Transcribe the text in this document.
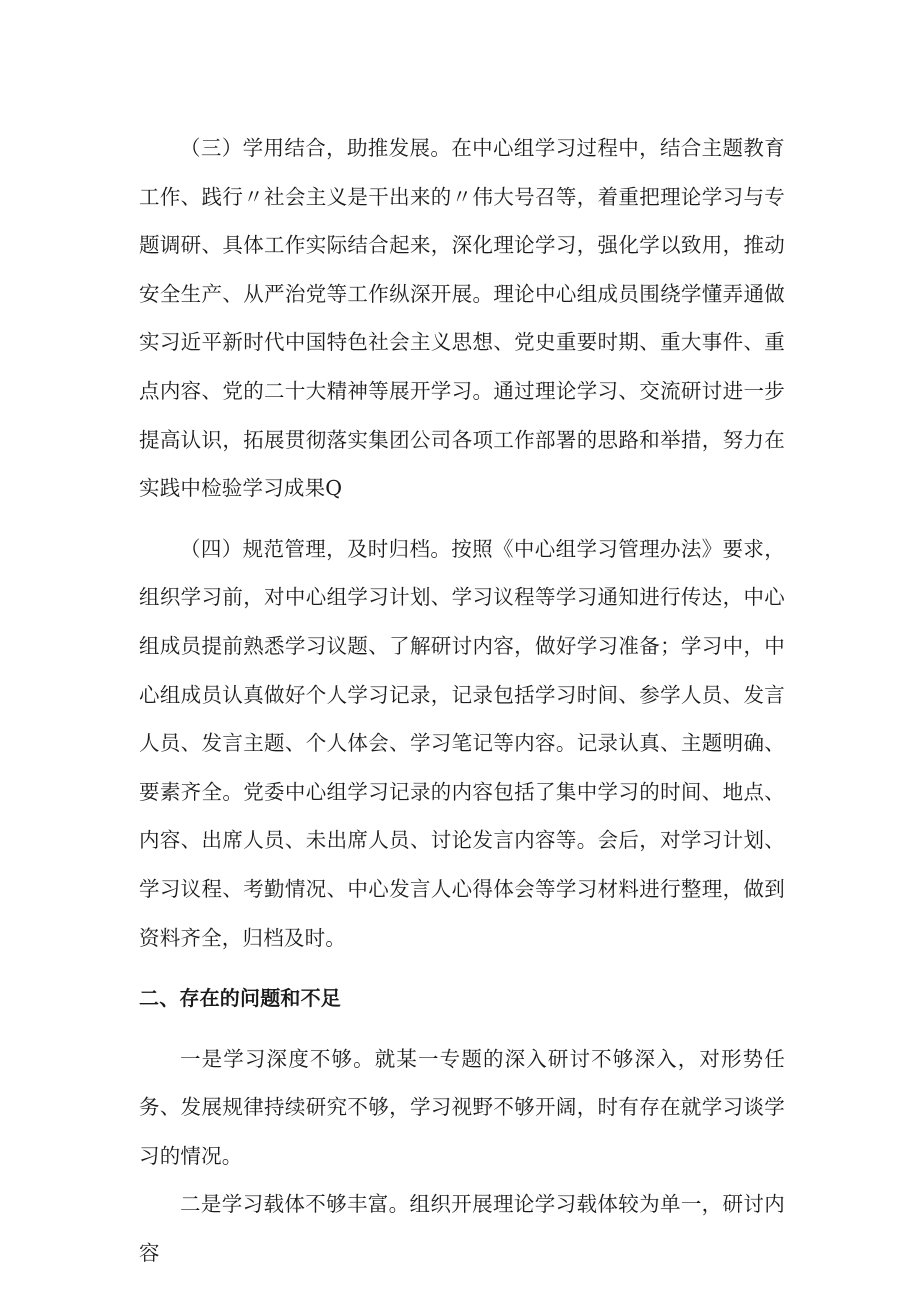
（三）学用结合，助推发展。在中心组学习过程中，结合主题教育工作、践行〃社会主义是干出来的〃伟大号召等，着重把理论学习与专题调研、具体工作实际结合起来，深化理论学习，强化学以致用，推动安全生产、从严治党等工作纵深开展。理论中心组成员围绕学懂弄通做实习近平新时代中国特色社会主义思想、党史重要时期、重大事件、重点内容、党的二十大精神等展开学习。通过理论学习、交流研讨进一步提高认识，拓展贯彻落实集团公司各项工作部署的思路和举措，努力在实践中检验学习成果Q

（四）规范管理，及时归档。按照《中心组学习管理办法》要求，组织学习前，对中心组学习计划、学习议程等学习通知进行传达，中心组成员提前熟悉学习议题、了解研讨内容，做好学习准备；学习中，中心组成员认真做好个人学习记录，记录包括学习时间、参学人员、发言人员、发言主题、个人体会、学习笔记等内容。记录认真、主题明确、要素齐全。党委中心组学习记录的内容包括了集中学习的时间、地点、内容、出席人员、未出席人员、讨论发言内容等。会后，对学习计划、学习议程、考勤情况、中心发言人心得体会等学习材料进行整理，做到资料齐全，归档及时。

二、存在的问题和不足

一是学习深度不够。就某一专题的深入研讨不够深入，对形势任务、发展规律持续研究不够，学习视野不够开阔，时有存在就学习谈学习的情况。

二是学习载体不够丰富。组织开展理论学习载体较为单一，研讨内容
